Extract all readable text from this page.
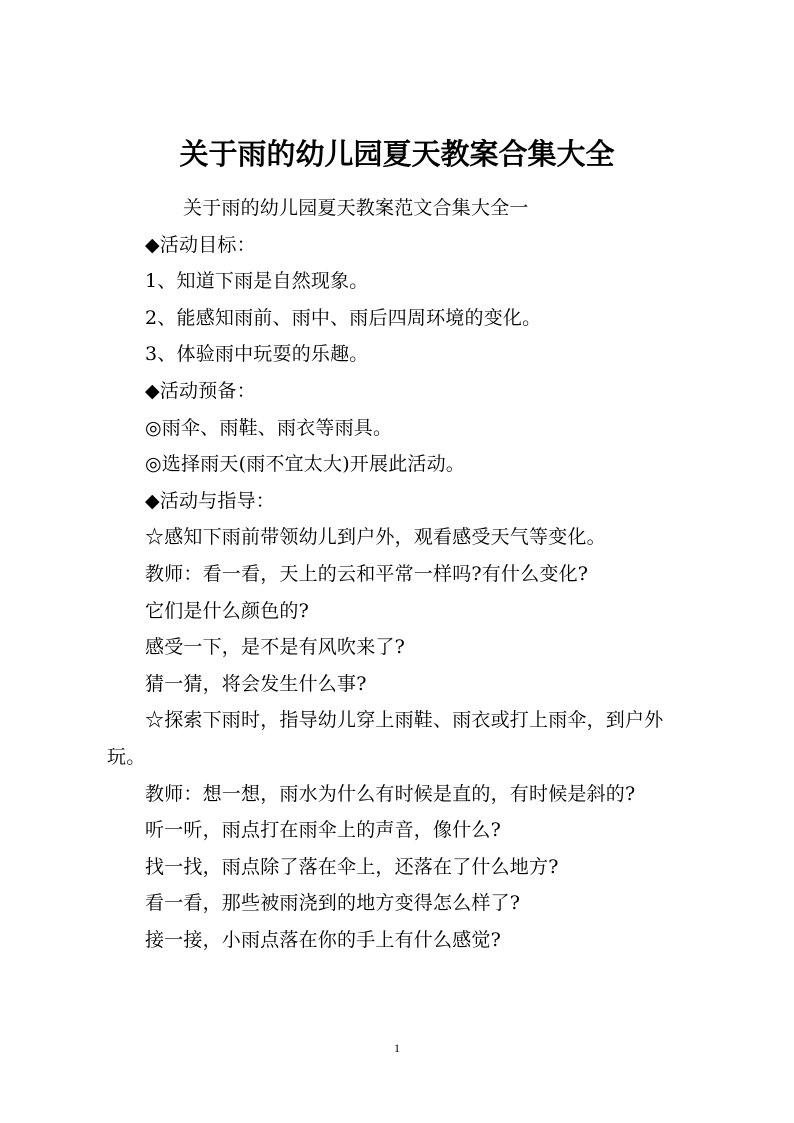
关于雨的幼儿园夏天教案合集大全

关于雨的幼儿园夏天教案范文合集大全一

◆活动目标：

1、知道下雨是自然现象。

2、能感知雨前、雨中、雨后四周环境的变化。

3、体验雨中玩耍的乐趣。

◆活动预备：

◎雨伞、雨鞋、雨衣等雨具。

◎选择雨天(雨不宜太大)开展此活动。

◆活动与指导：

☆感知下雨前带领幼儿到户外，观看感受天气等变化。

教师：看一看，天上的云和平常一样吗?有什么变化?

它们是什么颜色的?

感受一下，是不是有风吹来了?

猜一猜，将会发生什么事?

☆探索下雨时，指导幼儿穿上雨鞋、雨衣或打上雨伞，到户外玩。

教师：想一想，雨水为什么有时候是直的，有时候是斜的?

听一听，雨点打在雨伞上的声音，像什么?

找一找，雨点除了落在伞上，还落在了什么地方?

看一看，那些被雨浇到的地方变得怎么样了?

接一接，小雨点落在你的手上有什么感觉?

1
